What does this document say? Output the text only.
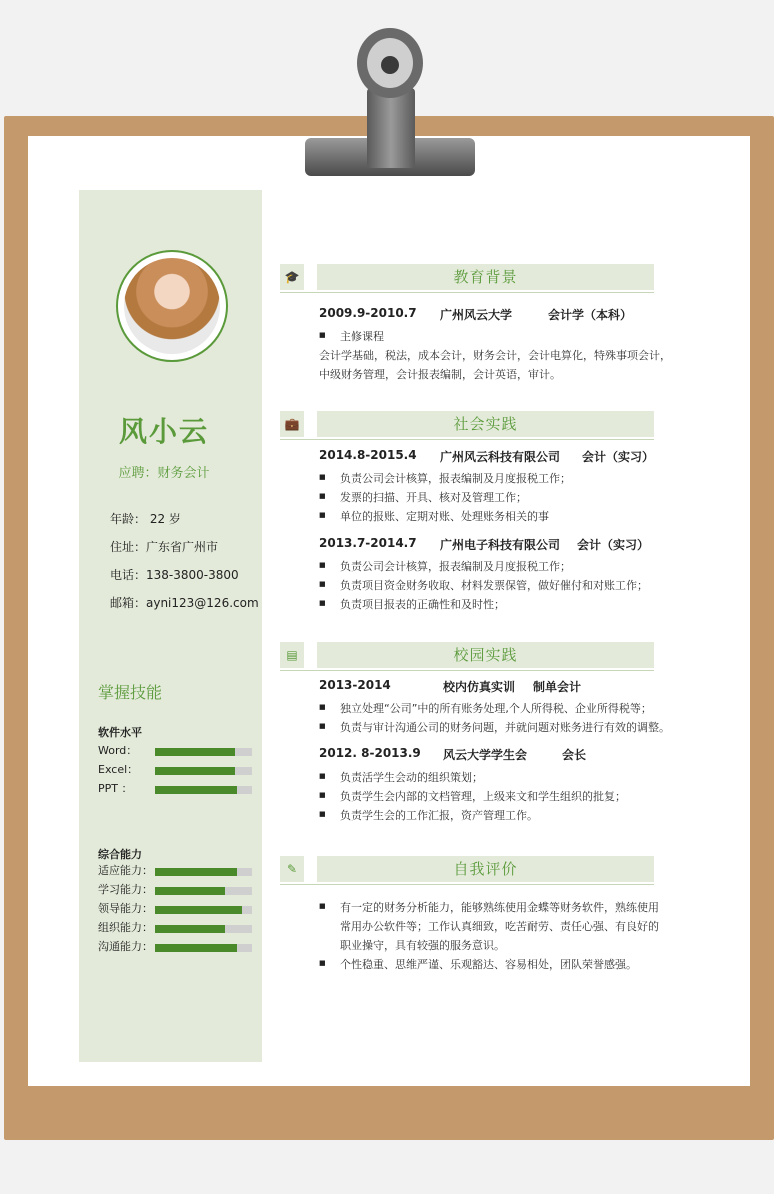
风小云
应聘：财务会计
年龄： 22 岁
住址：广东省广州市
电话：138-3800-3800
邮箱：ayni123@126.com
掌握技能
软件水平
Word：
Excel：
PPT ：
综合能力
适应能力：
学习能力：
领导能力：
组织能力：
沟通能力：
🎓	教育背景
2009.9-2010.7 广州风云大学	会计学（本科）
主修课程
会计学基础，税法，成本会计，财务会计，会计电算化，特殊事项会计，
中级财务管理，会计报表编制，会计英语，审计。
💼	社会实践
2014.8-2015.4 广州风云科技有限公司 会计（实习）
负责公司会计核算，报表编制及月度报税工作；
发票的扫描、开具、核对及管理工作；
单位的报账、定期对账、处理账务相关的事
2013.7-2014.7 广州电子科技有限公司 会计（实习）
负责公司会计核算，报表编制及月度报税工作；
负责项目资金财务收取、材料发票保管，做好催付和对账工作；
负责项目报表的正确性和及时性；
▤	校园实践
2013-2014	校内仿真实训 制单会计
独立处理“公司”中的所有账务处理,个人所得税、企业所得税等；
负责与审计沟通公司的财务问题，并就问题对账务进行有效的调整。
2012. 8-2013.9 风云大学学生会	会长
负责活学生会动的组织策划；
负责学生会内部的文档管理，上级来文和学生组织的批复；
负责学生会的工作汇报，资产管理工作。
✎	自我评价
有一定的财务分析能力，能够熟练使用金蝶等财务软件，熟练使用
常用办公软件等；工作认真细致，吃苦耐劳、责任心强、有良好的
职业操守，具有较强的服务意识。
个性稳重、思维严谨、乐观豁达、容易相处，团队荣誉感强。
